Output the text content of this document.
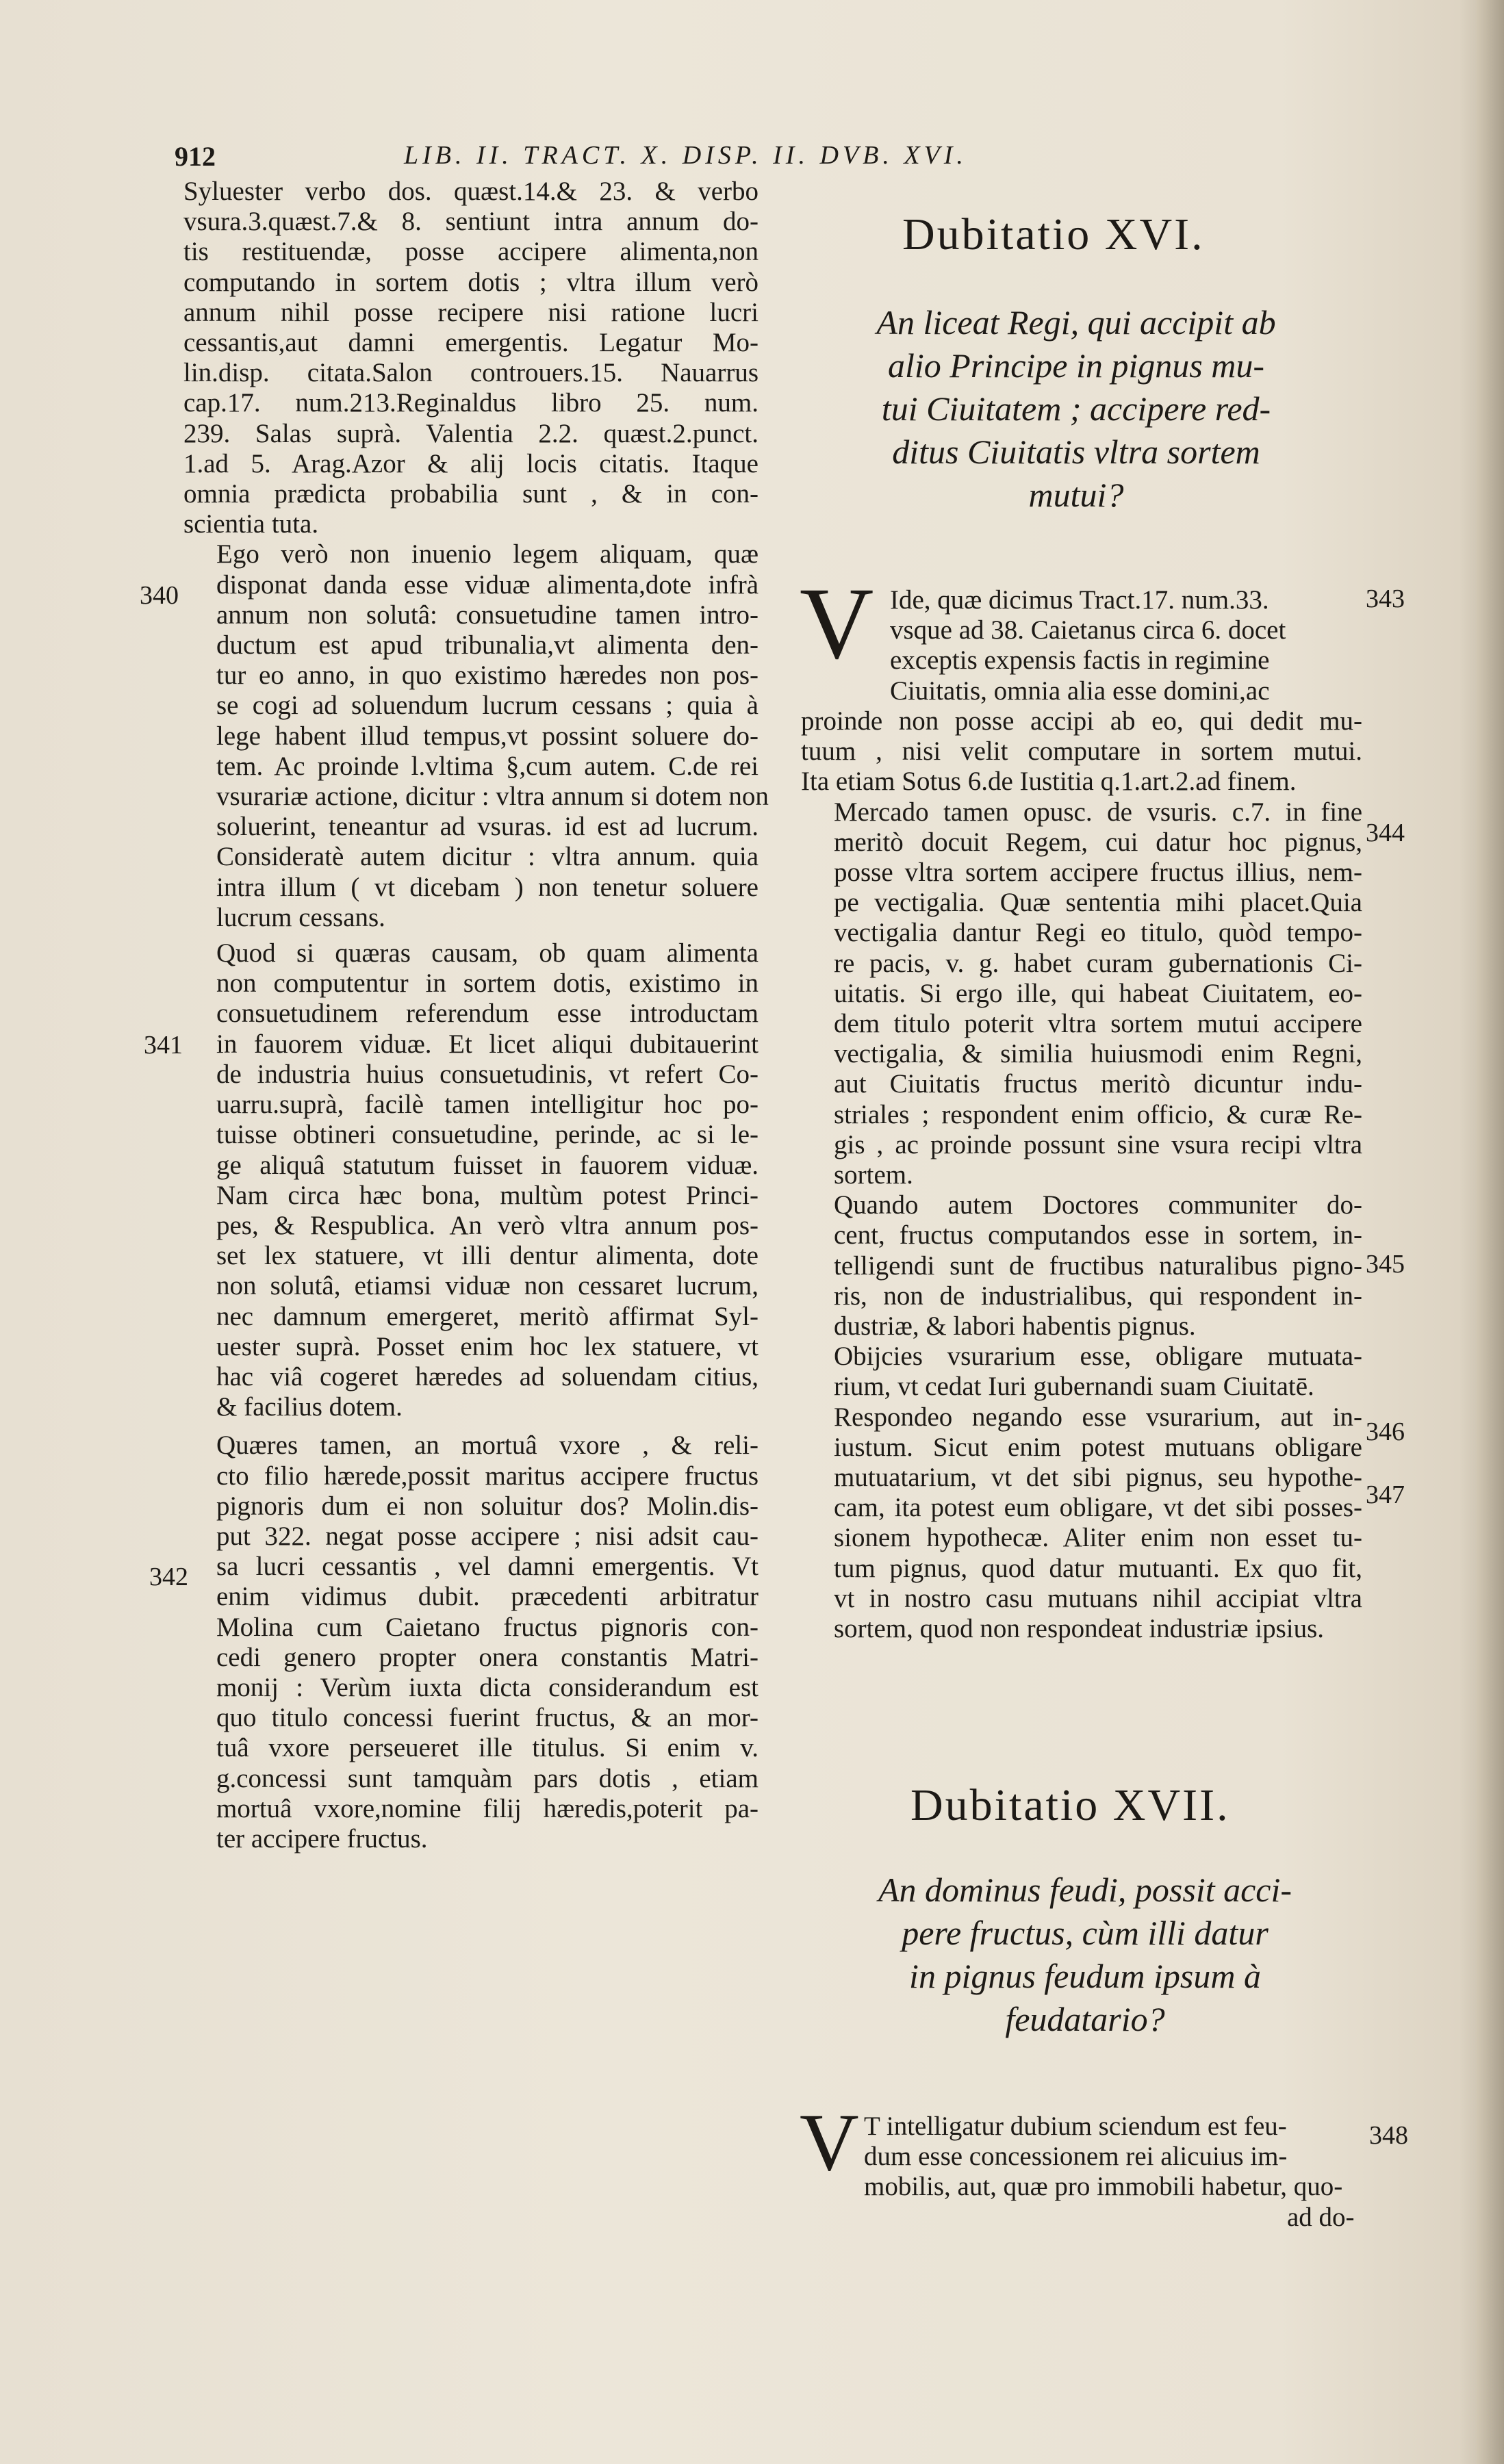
912	LIB. II. TRACT. X. DISP. II. DVB. XVI.

Syluester verbo dos. quæst.14.& 23. & verbo
vsura.3.quæst.7.& 8. sentiunt intra annum do-
tis restituendæ, posse accipere alimenta,non
computando in sortem dotis ; vltra illum verò
annum nihil posse recipere nisi ratione lucri
cessantis,aut damni emergentis. Legatur Mo-
lin.disp. citata.Salon controuers.15. Nauarrus
cap.17. num.213.Reginaldus libro 25. num.
239. Salas suprà. Valentia 2.2. quæst.2.punct.
1.ad 5. Arag.Azor & alij locis citatis. Itaque
omnia prædicta probabilia sunt , & in con-
scientia tuta.

Ego verò non inuenio legem aliquam, quæ
disponat danda esse viduæ alimenta,dote infrà
annum non solutâ: consuetudine tamen intro-
ductum est apud tribunalia,vt alimenta den-
tur eo anno, in quo existimo hæredes non pos-
se cogi ad soluendum lucrum cessans ; quia à
lege habent illud tempus,vt possint soluere do-
tem. Ac proinde l.vltima §,cum autem. C.de rei
vsurariæ actione, dicitur : vltra annum si dotem non
soluerint, teneantur ad vsuras. id est ad lucrum.
Consideratè autem dicitur : vltra annum. quia
intra illum ( vt dicebam ) non tenetur soluere
lucrum cessans.

Quod si quæras causam, ob quam alimenta
non computentur in sortem dotis, existimo in
consuetudinem referendum esse introductam
in fauorem viduæ. Et licet aliqui dubitauerint
de industria huius consuetudinis, vt refert Co-
uarru.suprà, facilè tamen intelligitur hoc po-
tuisse obtineri consuetudine, perinde, ac si le-
ge aliquâ statutum fuisset in fauorem viduæ.
Nam circa hæc bona, multùm potest Princi-
pes, & Respublica. An verò vltra annum pos-
set lex statuere, vt illi dentur alimenta, dote
non solutâ, etiamsi viduæ non cessaret lucrum,
nec damnum emergeret, meritò affirmat Syl-
uester suprà. Posset enim hoc lex statuere, vt
hac viâ cogeret hæredes ad soluendam citius,
& facilius dotem.

Quæres tamen, an mortuâ vxore , & reli-
cto filio hærede,possit maritus accipere fructus
pignoris dum ei non soluitur dos? Molin.dis-
put 322. negat posse accipere ; nisi adsit cau-
sa lucri cessantis , vel damni emergentis. Vt
enim vidimus dubit. præcedenti arbitratur
Molina cum Caietano fructus pignoris con-
cedi genero propter onera constantis Matri-
monij : Verùm iuxta dicta considerandum est
quo titulo concessi fuerint fructus, & an mor-
tuâ vxore perseueret ille titulus. Si enim v.
g.concessi sunt tamquàm pars dotis , etiam
mortuâ vxore,nomine filij hæredis,poterit pa-
ter accipere fructus.

340
341
342
Dubitatio XVI.
An liceat Regi, qui accipit ab
alio Principe in pignus mu-
tui Ciuitatem ; accipere red-
ditus Ciuitatis vltra sortem
mutui?
V Ide, quæ dicimus Tract.17. num.33.
vsque ad 38. Caietanus circa 6. docet
exceptis expensis factis in regimine
Ciuitatis, omnia alia esse domini,ac

proinde non posse accipi ab eo, qui dedit mu-
tuum , nisi velit computare in sortem mutui.
Ita etiam Sotus 6.de Iustitia q.1.art.2.ad finem.

Mercado tamen opusc. de vsuris. c.7. in fine
meritò docuit Regem, cui datur hoc pignus,
posse vltra sortem accipere fructus illius, nem-
pe vectigalia. Quæ sententia mihi placet.Quia
vectigalia dantur Regi eo titulo, quòd tempo-
re pacis, v. g. habet curam gubernationis Ci-
uitatis. Si ergo ille, qui habeat Ciuitatem, eo-
dem titulo poterit vltra sortem mutui accipere
vectigalia, & similia huiusmodi enim Regni,
aut Ciuitatis fructus meritò dicuntur indu-
striales ; respondent enim officio, & curæ Re-
gis , ac proinde possunt sine vsura recipi vltra
sortem.

Quando autem Doctores communiter do-
cent, fructus computandos esse in sortem, in-
telligendi sunt de fructibus naturalibus pigno-
ris, non de industrialibus, qui respondent in-
dustriæ, & labori habentis pignus.

Obijcies vsurarium esse, obligare mutuata-
rium, vt cedat Iuri gubernandi suam Ciuitatē.

Respondeo negando esse vsurarium, aut in-
iustum. Sicut enim potest mutuans obligare
mutuatarium, vt det sibi pignus, seu hypothe-
cam, ita potest eum obligare, vt det sibi posses-
sionem hypothecæ. Aliter enim non esset tu-
tum pignus, quod datur mutuanti. Ex quo fit,
vt in nostro casu mutuans nihil accipiat vltra
sortem, quod non respondeat industriæ ipsius.

343
344
345
346
347
Dubitatio XVII.
An dominus feudi, possit acci-
pere fructus, cùm illi datur
in pignus feudum ipsum à
feudatario?
V T intelligatur dubium sciendum est feu-
dum esse concessionem rei alicuius im-
mobilis, aut, quæ pro immobili habetur, quo-
ad do-
348
